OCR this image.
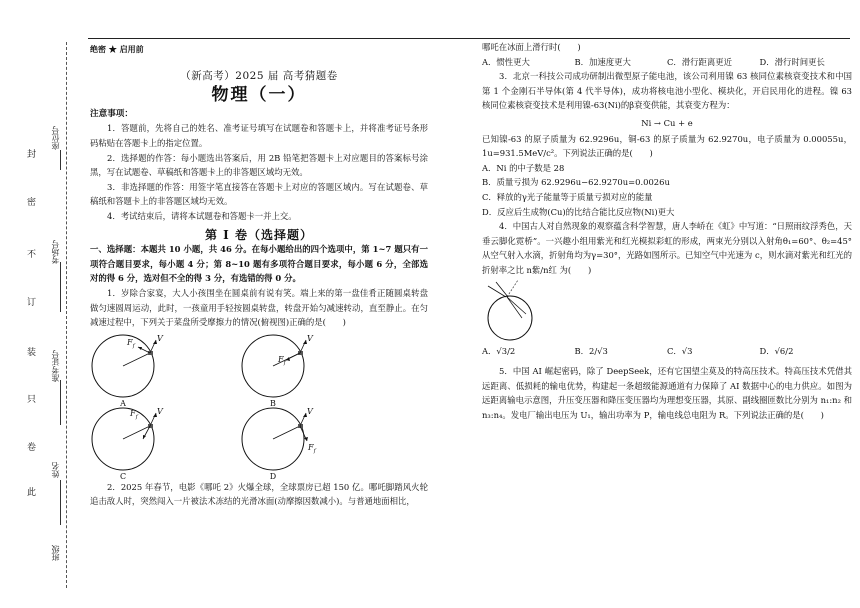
座位号
考场号
准考证号
姓名
班级
封
密
不
订
装
只
卷
此
绝密 ★ 启用前
（新高考）2025 届 高考猜题卷
物理（一）
注意事项：
1．答题前，先将自己的姓名、准考证号填写在试题卷和答题卡上，并将准考证号条形码粘贴在答题卡上的指定位置。
2．选择题的作答：每小题选出答案后，用 2B 铅笔把答题卡上对应题目的答案标号涂黑，写在试题卷、草稿纸和答题卡上的非答题区域均无效。
3．非选择题的作答：用签字笔直接答在答题卡上对应的答题区域内。写在试题卷、草稿纸和答题卡上的非答题区域均无效。
4．考试结束后，请将本试题卷和答题卡一并上交。
第 I 卷（选择题）
一、选择题：本题共 10 小题，共 46 分。在每小题给出的四个选项中，第 1~7 题只有一项符合题目要求，每小题 4 分；第 8~10 题有多项符合题目要求，每小题 6 分，全部选对的得 6 分，选对但不全的得 3 分，有选错的得 0 分。
1．岁除合家宴，大人小孩围坐在圆桌前有说有笑。端上来的第一盘佳肴正随圆桌转盘做匀速圆周运动，此时，一孩童用手轻按圆桌转盘，转盘开始匀减速转动，直至静止。在匀减速过程中，下列关于菜盘所受摩擦力的情况(俯视图)正确的是(　　)
$F_f$
V
A
$F_f$
V
B
$F_f$
V
C
$F_f$
V
D
2．2025 年春节，电影《哪吒 2》火爆全球，全球票房已超 150 亿。哪吒脚踏风火轮追击敌人时，突然闯入一片被法术冻结的光滑冰面(动摩擦因数减小)。与普通地面相比，
哪吒在冰面上滑行时(　　)
A．惯性更大	B．加速度更大	C．滑行距离更近	D．滑行时间更长
3．北京一科技公司成功研制出微型原子能电池，该公司利用镍 63 核同位素核衰变技术和中国第 1 个金刚石半导体(第 4 代半导体)，成功将核电池小型化、模块化，开启民用化的进程。镍 63 核同位素核衰变技术是利用镍-63(Ni)的β衰变供能，其衰变方程为：
Ni → Cu + e
已知镍-63 的原子质量为 62.9296u，铜-63 的原子质量为 62.9270u，电子质量为 0.00055u，1u=931.5MeV/c²。下列说法正确的是(　　)
A．Ni 的中子数是 28
B．质量亏损为 62.9296u−62.9270u=0.0026u
C．释放的γ光子能量等于质量亏损对应的能量
D．反应后生成物(Cu)的比结合能比反应物(Ni)更大
4．中国古人对自然现象的观察蕴含科学智慧，唐人李峤在《虹》中写道：“日照雨纹浮秀色，天垂云脚化霓桥”。一兴趣小组用紫光和红光模拟彩虹的形成，两束光分别以入射角θ₁=60°、θ₂=45°从空气射入水滴，折射角均为γ=30°，光路如图所示。已知空气中光速为 c，则水滴对紫光和红光的折射率之比 n紫/n红 为(　　)
A．√3/2	B．2/√3	C．√3	D．√6/2
5．中国 AI 崛起密码，除了 DeepSeek，还有它国望尘莫及的特高压技术。特高压技术凭借其远距离、低损耗的输电优势，构建起一条超级能源通道有力保障了 AI 数据中心的电力供应。如图为远距离输电示意图，升压变压器和降压变压器均为理想变压器，其原、副线圈匝数比分别为 n₁:n₂ 和 n₃:n₄。发电厂输出电压为 U₁，输出功率为 P，输电线总电阻为 R。下列说法正确的是(　　)
